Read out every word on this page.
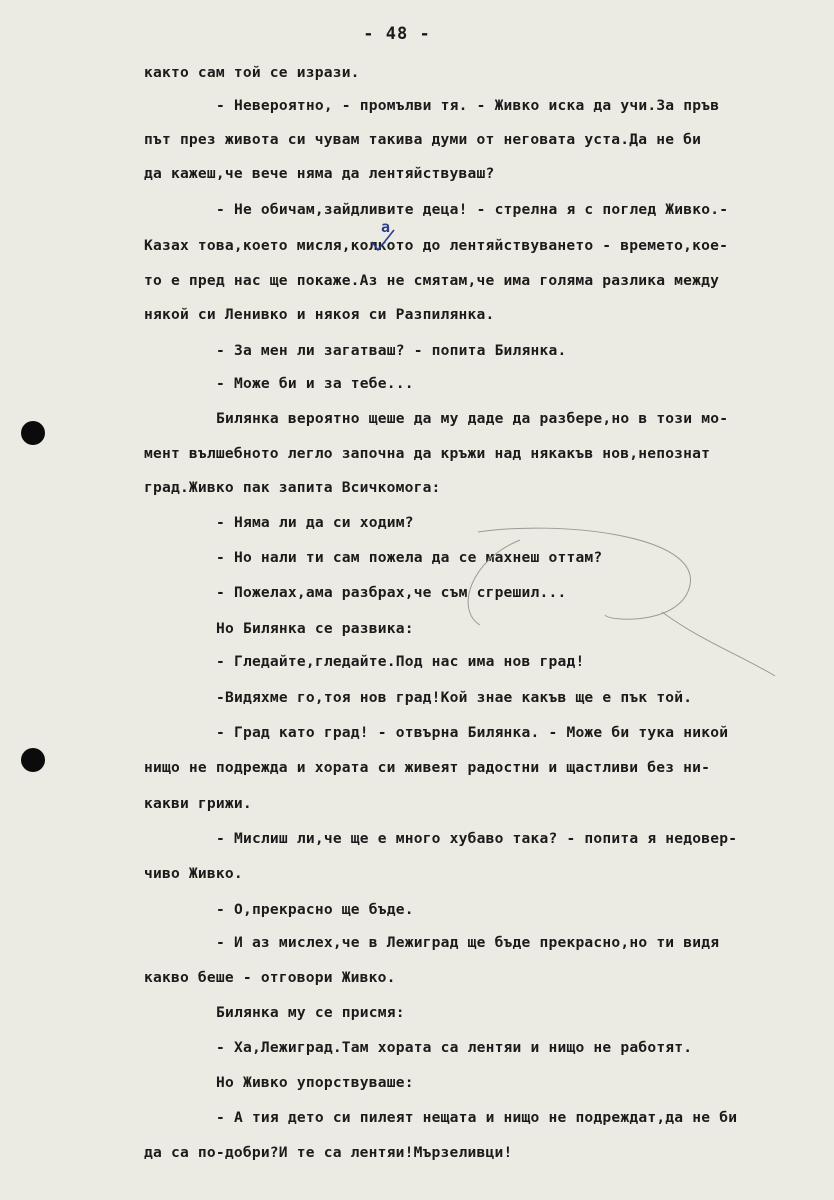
- 48 -
както сам той се изрази.
- Невероятно, - промълви тя. - Живко иска да учи.За пръв
път през живота си чувам такива думи от неговата уста.Да не би
да кажеш,че вече няма да лентяйствуваш?
- Не обичам,зайдливите деца! - стрелна я с поглед Живко.-
Казах това,което мисля,колкото до лентяйствуването - времето,кое-
то е пред нас ще покаже.Аз не смятам,че има голяма разлика между
някой си Ленивко и някоя си Разпилянка.
- За мен ли загатваш? - попита Билянка.
- Може би и за тебе...
Билянка вероятно щеше да му даде да разбере,но в този мо-
мент вълшебното легло започна да кръжи над някакъв нов,непознат
град.Живко пак запита Всичкомога:
- Няма ли да си ходим?
- Но нали ти сам пожела да се махнеш оттам?
- Пожелах,ама разбрах,че съм сгрешил...
Но Билянка се развика:
- Гледайте,гледайте.Под нас има нов град!
-Видяхме го,тоя нов град!Кой знае какъв ще е пък той.
- Град като град! - отвърна Билянка. - Може би тука никой
нищо не подрежда и хората си живеят радостни и щастливи без ни-
какви грижи.
- Мислиш ли,че ще е много хубаво така? - попита я недовер-
чиво Живко.
- О,прекрасно ще бъде.
- И аз мислех,че в Лежиград ще бъде прекрасно,но ти видя
какво беше - отговори Живко.
Билянка му се присмя:
- Ха,Лежиград.Там хората са лентяи и нищо не работят.
Но Живко упорствуваше:
- А тия дето си пилеят нещата и нищо не подреждат,да не би
да са по-добри?И те са лентяи!Мързеливци!
а
